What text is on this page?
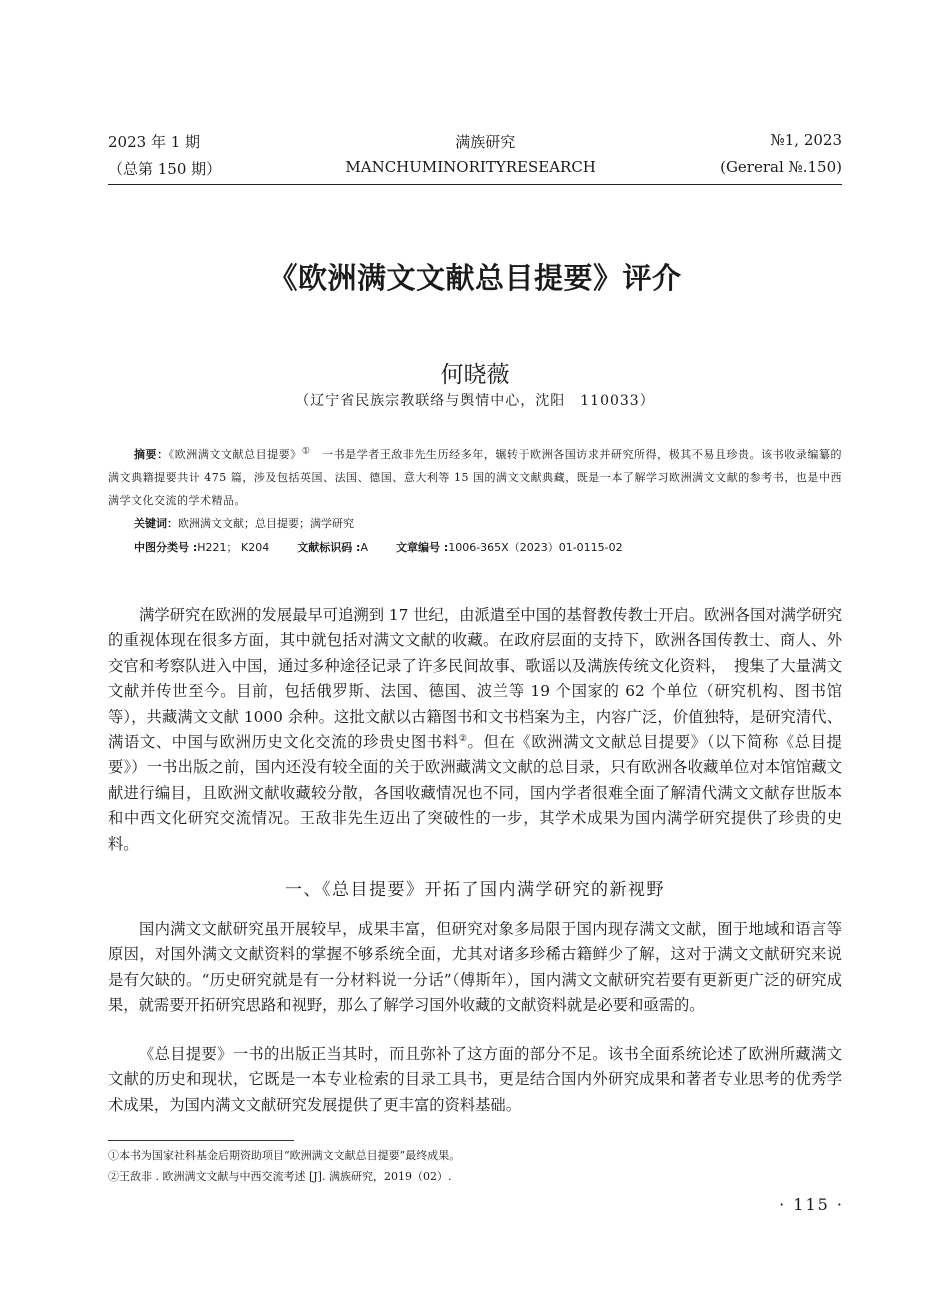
2023 年 1 期	满族研究	№1, 2023
（总第 150 期）	MANCHUMINORITYRESEARCH	(Gereral №.150)
《欧洲满文文献总目提要》评介
何晓薇
（辽宁省民族宗教联络与舆情中心，沈阳　110033）

摘要：《欧洲满文文献总目提要》①　一书是学者王敌非先生历经多年，辗转于欧洲各国访求并研究所得，极其不易且珍贵。该书收录编纂的满文典籍提要共计 475 篇，涉及包括英国、法国、德国、意大利等 15 国的满文文献典藏，既是一本了解学习欧洲满文文献的参考书，也是中西满学文化交流的学术精品。

关键词：欧洲满文文献；总目提要；满学研究
中图分类号 :H221； K204	文献标识码 :A	文章编号 :1006-365X（2023）01-0115-02

满学研究在欧洲的发展最早可追溯到 17 世纪，由派遣至中国的基督教传教士开启。欧洲各国对满学研究的重视体现在很多方面，其中就包括对满文文献的收藏。在政府层面的支持下，欧洲各国传教士、商人、外交官和考察队进入中国，通过多种途径记录了许多民间故事、歌谣以及满族传统文化资料，　搜集了大量满文文献并传世至今。目前，包括俄罗斯、法国、德国、波兰等 19 个国家的 62 个单位（研究机构、图书馆等），共藏满文文献 1000 余种。这批文献以古籍图书和文书档案为主，内容广泛，价值独特，是研究清代、满语文、中国与欧洲历史文化交流的珍贵史图书料②。但在《欧洲满文文献总目提要》（以下简称《总目提要》）一书出版之前，国内还没有较全面的关于欧洲藏满文文献的总目录，只有欧洲各收藏单位对本馆馆藏文献进行编目，且欧洲文献收藏较分散，各国收藏情况也不同，国内学者很难全面了解清代满文文献存世版本和中西文化研究交流情况。王敌非先生迈出了突破性的一步，其学术成果为国内满学研究提供了珍贵的史料。

一、《总目提要》开拓了国内满学研究的新视野

国内满文文献研究虽开展较早，成果丰富，但研究对象多局限于国内现存满文文献，囿于地域和语言等原因，对国外满文文献资料的掌握不够系统全面，尤其对诸多珍稀古籍鲜少了解，这对于满文文献研究来说是有欠缺的。“历史研究就是有一分材料说一分话”（傅斯年），国内满文文献研究若要有更新更广泛的研究成果，就需要开拓研究思路和视野，那么了解学习国外收藏的文献资料就是必要和亟需的。

《总目提要》一书的出版正当其时，而且弥补了这方面的部分不足。该书全面系统论述了欧洲所藏满文文献的历史和现状，它既是一本专业检索的目录工具书，更是结合国内外研究成果和著者专业思考的优秀学术成果，为国内满文文献研究发展提供了更丰富的资料基础。

①本书为国家社科基金后期资助项目“欧洲满文文献总目提要”最终成果。
②王敌非 . 欧洲满文文献与中西交流考述 [J]. 满族研究，2019（02）.
· 115 ·
